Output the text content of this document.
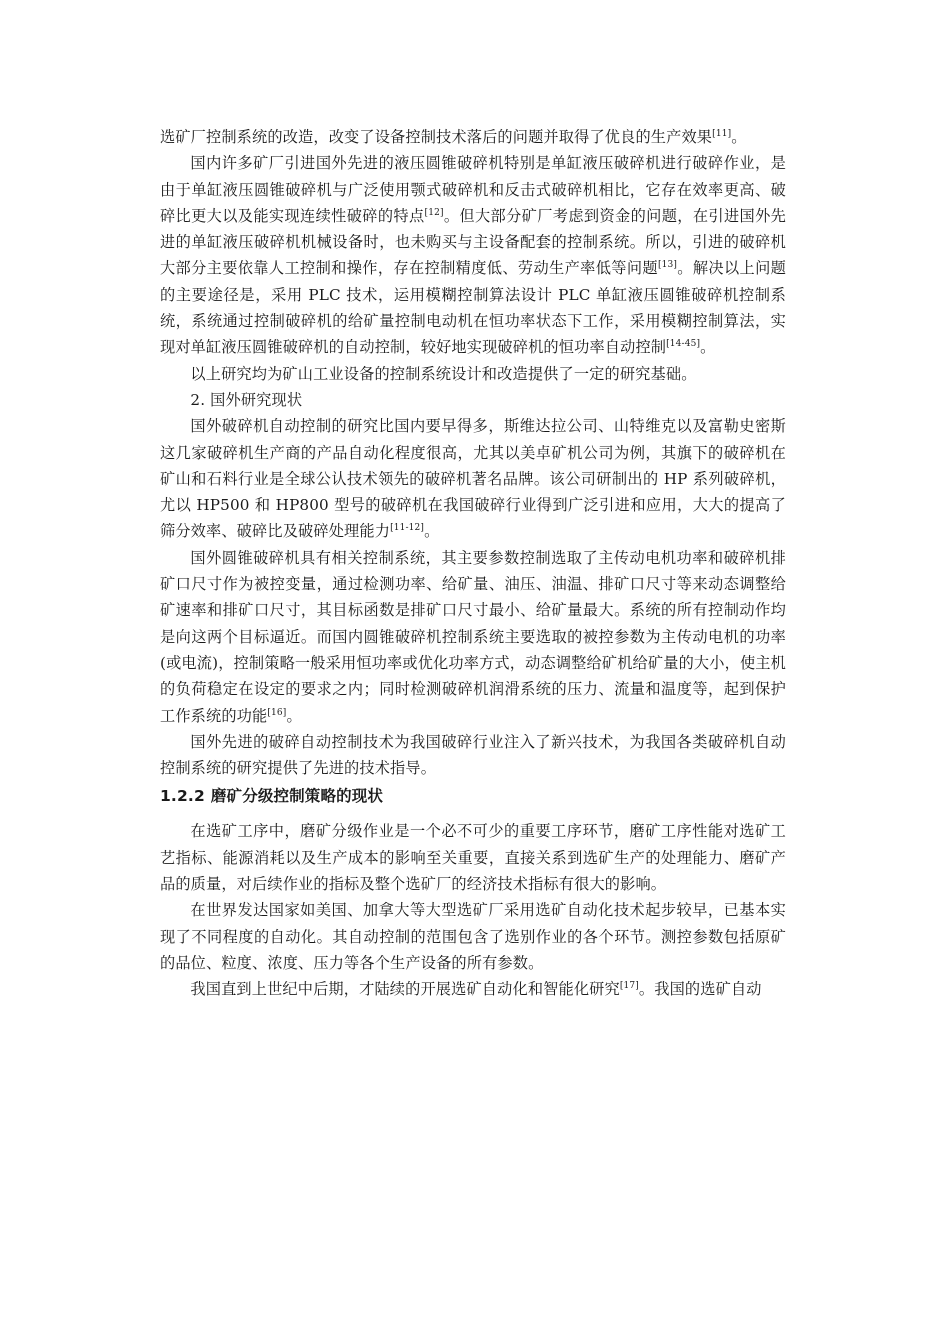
选矿厂控制系统的改造，改变了设备控制技术落后的问题并取得了优良的生产效果[11]。

国内许多矿厂引进国外先进的液压圆锥破碎机特别是单缸液压破碎机进行破碎作业，是由于单缸液压圆锥破碎机与广泛使用颚式破碎机和反击式破碎机相比，它存在效率更高、破碎比更大以及能实现连续性破碎的特点[12]。但大部分矿厂考虑到资金的问题，在引进国外先进的单缸液压破碎机机械设备时，也未购买与主设备配套的控制系统。所以，引进的破碎机大部分主要依靠人工控制和操作，存在控制精度低、劳动生产率低等问题[13]。解决以上问题的主要途径是，采用 PLC 技术，运用模糊控制算法设计 PLC 单缸液压圆锥破碎机控制系统，系统通过控制破碎机的给矿量控制电动机在恒功率状态下工作，采用模糊控制算法，实现对单缸液压圆锥破碎机的自动控制，较好地实现破碎机的恒功率自动控制[14-45]。

以上研究均为矿山工业设备的控制系统设计和改造提供了一定的研究基础。

2. 国外研究现状

国外破碎机自动控制的研究比国内要早得多，斯维达拉公司、山特维克以及富勒史密斯这几家破碎机生产商的产品自动化程度很高，尤其以美卓矿机公司为例，其旗下的破碎机在矿山和石料行业是全球公认技术领先的破碎机著名品牌。该公司研制出的 HP 系列破碎机，尤以 HP500 和 HP800 型号的破碎机在我国破碎行业得到广泛引进和应用，大大的提高了筛分效率、破碎比及破碎处理能力[11-12]。

国外圆锥破碎机具有相关控制系统，其主要参数控制选取了主传动电机功率和破碎机排矿口尺寸作为被控变量，通过检测功率、给矿量、油压、油温、排矿口尺寸等来动态调整给矿速率和排矿口尺寸，其目标函数是排矿口尺寸最小、给矿量最大。系统的所有控制动作均是向这两个目标逼近。而国内圆锥破碎机控制系统主要选取的被控参数为主传动电机的功率(或电流)，控制策略一般采用恒功率或优化功率方式，动态调整给矿机给矿量的大小，使主机的负荷稳定在设定的要求之内；同时检测破碎机润滑系统的压力、流量和温度等，起到保护工作系统的功能[16]。

国外先进的破碎自动控制技术为我国破碎行业注入了新兴技术，为我国各类破碎机自动控制系统的研究提供了先进的技术指导。

1.2.2 磨矿分级控制策略的现状

在选矿工序中，磨矿分级作业是一个必不可少的重要工序环节，磨矿工序性能对选矿工艺指标、能源消耗以及生产成本的影响至关重要，直接关系到选矿生产的处理能力、磨矿产品的质量，对后续作业的指标及整个选矿厂的经济技术指标有很大的影响。

在世界发达国家如美国、加拿大等大型选矿厂采用选矿自动化技术起步较早，已基本实现了不同程度的自动化。其自动控制的范围包含了选别作业的各个环节。测控参数包括原矿的品位、粒度、浓度、压力等各个生产设备的所有参数。

我国直到上世纪中后期，才陆续的开展选矿自动化和智能化研究[17]。我国的选矿自动
